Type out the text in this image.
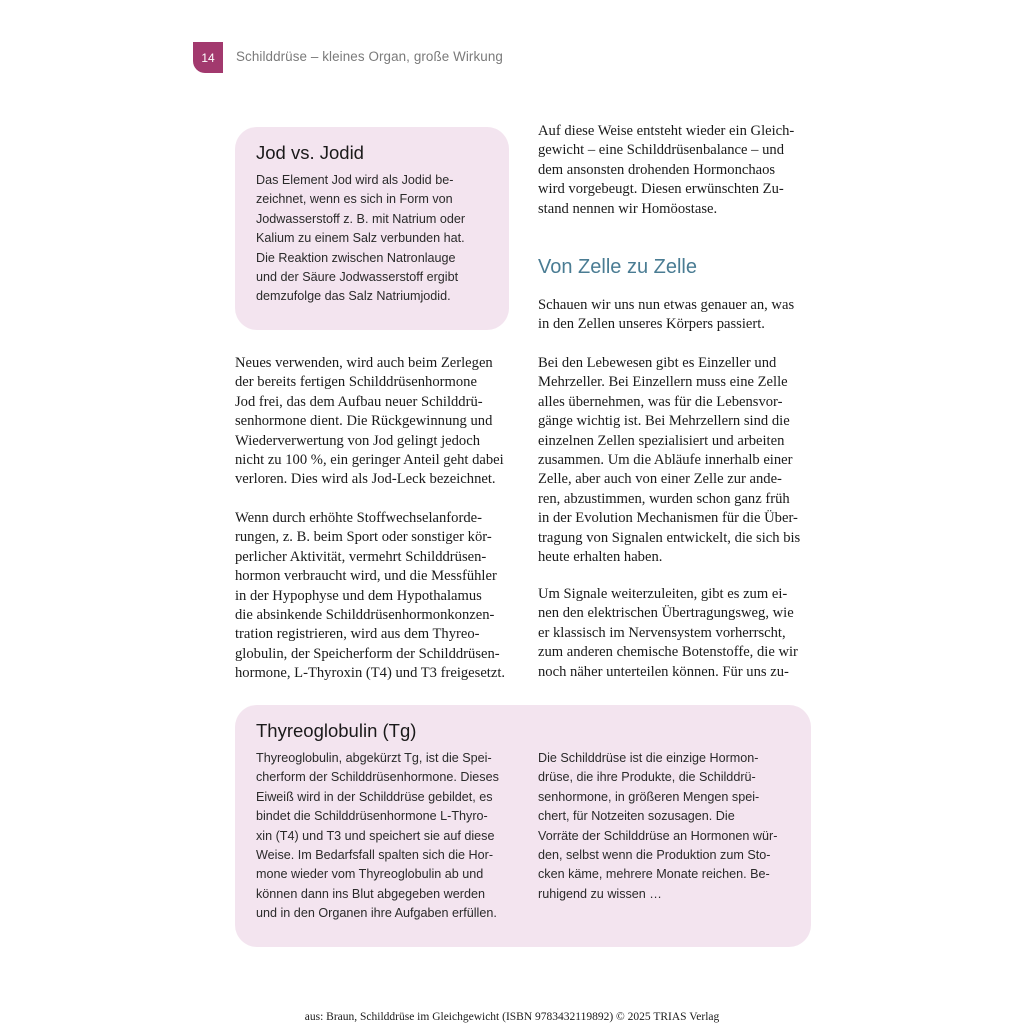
14 Schilddrüse – kleines Organ, große Wirkung
Jod vs. Jodid
Das Element Jod wird als Jodid be-
zeichnet, wenn es sich in Form von
Jodwasserstoff z. B. mit Natrium oder
Kalium zu einem Salz verbunden hat.
Die Reaktion zwischen Natronlauge
und der Säure Jodwasserstoff ergibt
demzufolge das Salz Natriumjodid.
Neues verwenden, wird auch beim Zerlegen
der bereits fertigen Schilddrüsenhormone
Jod frei, das dem Aufbau neuer Schilddrü-
senhormone dient. Die Rückgewinnung und
Wiederverwertung von Jod gelingt jedoch
nicht zu 100 %, ein geringer Anteil geht dabei
verloren. Dies wird als Jod-Leck bezeichnet.
Wenn durch erhöhte Stoffwechselanforde-
rungen, z. B. beim Sport oder sonstiger kör-
perlicher Aktivität, vermehrt Schilddrüsen-
hormon verbraucht wird, und die Messfühler
in der Hypophyse und dem Hypothalamus
die absinkende Schilddrüsenhormonkonzen-
tration registrieren, wird aus dem Thyreo-
globulin, der Speicherform der Schilddrüsen-
hormone, L-Thyroxin (T4) und T3 freigesetzt.
Auf diese Weise entsteht wieder ein Gleich-
gewicht – eine Schilddrüsenbalance – und
dem ansonsten drohenden Hormonchaos
wird vorgebeugt. Diesen erwünschten Zu-
stand nennen wir Homöostase.
Von Zelle zu Zelle
Schauen wir uns nun etwas genauer an, was
in den Zellen unseres Körpers passiert.
Bei den Lebewesen gibt es Einzeller und
Mehrzeller. Bei Einzellern muss eine Zelle
alles übernehmen, was für die Lebensvor-
gänge wichtig ist. Bei Mehrzellern sind die
einzelnen Zellen spezialisiert und arbeiten
zusammen. Um die Abläufe innerhalb einer
Zelle, aber auch von einer Zelle zur ande-
ren, abzustimmen, wurden schon ganz früh
in der Evolution Mechanismen für die Über-
tragung von Signalen entwickelt, die sich bis
heute erhalten haben.
Um Signale weiterzuleiten, gibt es zum ei-
nen den elektrischen Übertragungsweg, wie
er klassisch im Nervensystem vorherrscht,
zum anderen chemische Botenstoffe, die wir
noch näher unterteilen können. Für uns zu-
Thyreoglobulin (Tg)
Thyreoglobulin, abgekürzt Tg, ist die Spei-
cherform der Schilddrüsenhormone. Dieses
Eiweiß wird in der Schilddrüse gebildet, es
bindet die Schilddrüsenhormone L-Thyro-
xin (T4) und T3 und speichert sie auf diese
Weise. Im Bedarfsfall spalten sich die Hor-
mone wieder vom Thyreoglobulin ab und
können dann ins Blut abgegeben werden
und in den Organen ihre Aufgaben erfüllen.
Die Schilddrüse ist die einzige Hormon-
drüse, die ihre Produkte, die Schilddrü-
senhormone, in größeren Mengen spei-
chert, für Notzeiten sozusagen. Die
Vorräte der Schilddrüse an Hormonen wür-
den, selbst wenn die Produktion zum Sto-
cken käme, mehrere Monate reichen. Be-
ruhigend zu wissen …
aus: Braun, Schilddrüse im Gleichgewicht (ISBN 9783432119892) © 2025 TRIAS Verlag
